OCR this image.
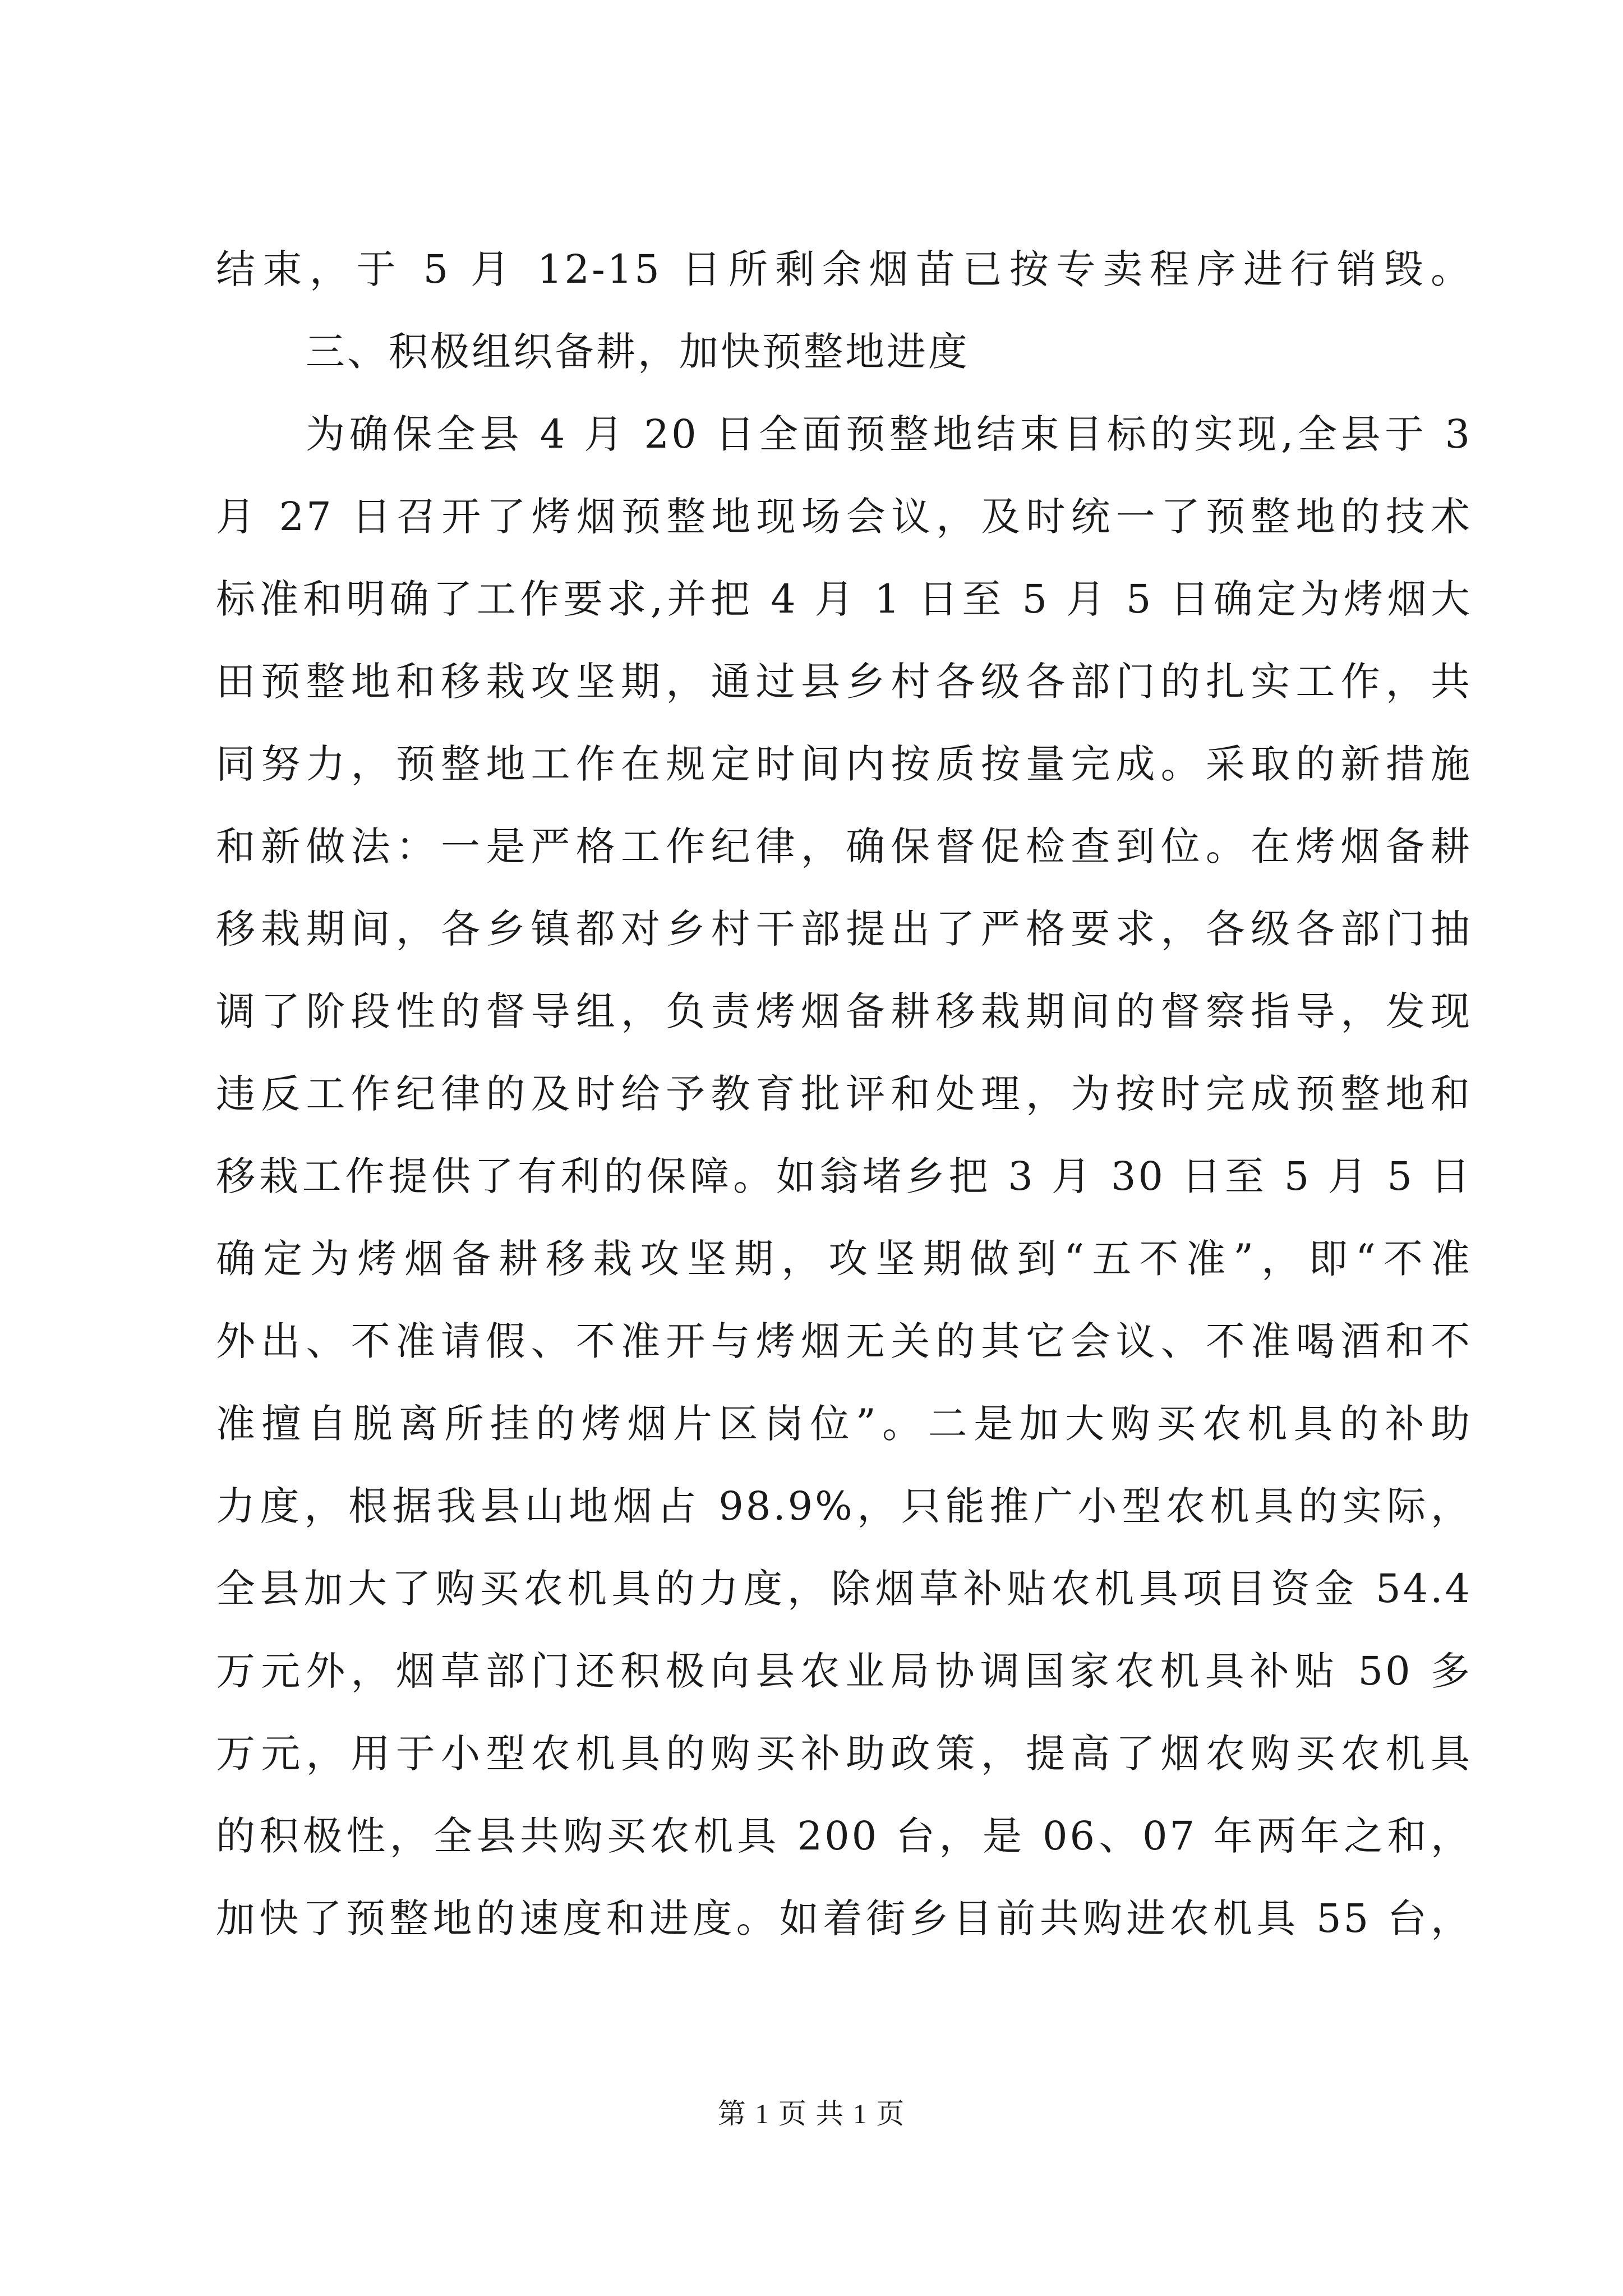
结束，于 5 月 12-15 日所剩余烟苗已按专卖程序进行销毁。
三、积极组织备耕，加快预整地进度
为确保全县 4 月 20 日全面预整地结束目标的实现,全县于 3
月 27 日召开了烤烟预整地现场会议，及时统一了预整地的技术
标准和明确了工作要求,并把 4 月 1 日至 5 月 5 日确定为烤烟大
田预整地和移栽攻坚期，通过县乡村各级各部门的扎实工作，共
同努力，预整地工作在规定时间内按质按量完成。采取的新措施
和新做法：一是严格工作纪律，确保督促检查到位。在烤烟备耕
移栽期间，各乡镇都对乡村干部提出了严格要求，各级各部门抽
调了阶段性的督导组，负责烤烟备耕移栽期间的督察指导，发现
违反工作纪律的及时给予教育批评和处理，为按时完成预整地和
移栽工作提供了有利的保障。如翁堵乡把 3 月 30 日至 5 月 5 日
确定为烤烟备耕移栽攻坚期，攻坚期做到“五不准”，即“不准
外出、不准请假、不准开与烤烟无关的其它会议、不准喝酒和不
准擅自脱离所挂的烤烟片区岗位”。二是加大购买农机具的补助
力度，根据我县山地烟占 98.9%，只能推广小型农机具的实际，
全县加大了购买农机具的力度，除烟草补贴农机具项目资金 54.4
万元外，烟草部门还积极向县农业局协调国家农机具补贴 50 多
万元，用于小型农机具的购买补助政策，提高了烟农购买农机具
的积极性，全县共购买农机具 200 台，是 06、07 年两年之和，
加快了预整地的速度和进度。如着街乡目前共购进农机具 55 台，
第 1 页 共 1 页
